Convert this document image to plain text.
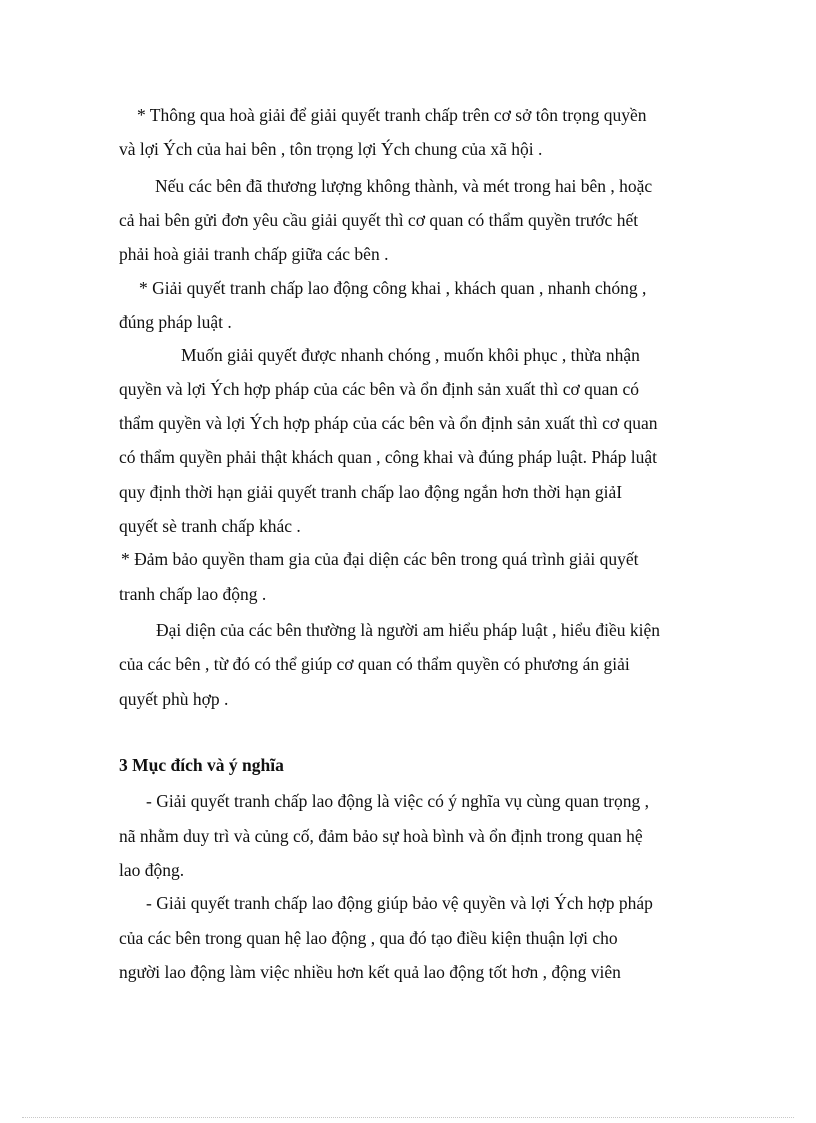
* Thông qua hoà giải để giải quyết tranh chấp trên cơ sở tôn trọng quyền
và lợi Ých của hai bên , tôn trọng lợi Ých chung của xã hội .
Nếu các bên đã thương lượng không thành, và mét trong hai bên , hoặc
cả hai bên gửi đơn yêu cầu giải quyết thì cơ quan có thẩm quyền trước hết
phải hoà giải tranh chấp giữa các bên .
* Giải quyết tranh chấp lao động công khai , khách quan , nhanh chóng ,
đúng pháp luật .
Muốn giải quyết được nhanh chóng , muốn khôi phục , thừa nhận
quyền và lợi Ých hợp pháp của các bên và ổn định sản xuất thì cơ quan có
thẩm quyền và lợi Ých hợp pháp của các bên và ổn định sản xuất thì cơ quan
có thẩm quyền phải thật khách quan , công khai và đúng pháp luật. Pháp luật
quy định thời hạn giải quyết tranh chấp lao động ngắn hơn thời hạn giảI
quyết sè tranh chấp khác .
* Đảm bảo quyền tham gia của đại diện các bên trong quá trình giải quyết
tranh chấp lao động .
Đại diện của các bên thường là người am hiểu pháp luật , hiểu điều kiện
của các bên , từ đó có thể giúp cơ quan có thẩm quyền có phương án giải
quyết phù hợp .
3 Mục đích và ý nghĩa
- Giải quyết tranh chấp lao động là việc có ý nghĩa vụ cùng quan trọng ,
nã nhằm duy trì và củng cố, đảm bảo sự hoà bình và ổn định trong quan hệ
lao động.
- Giải quyết tranh chấp lao động giúp bảo vệ quyền và lợi Ých hợp pháp
của các bên trong quan hệ lao động , qua đó tạo điều kiện thuận lợi cho
người lao động làm việc nhiều hơn kết quả lao động tốt hơn , động viên
